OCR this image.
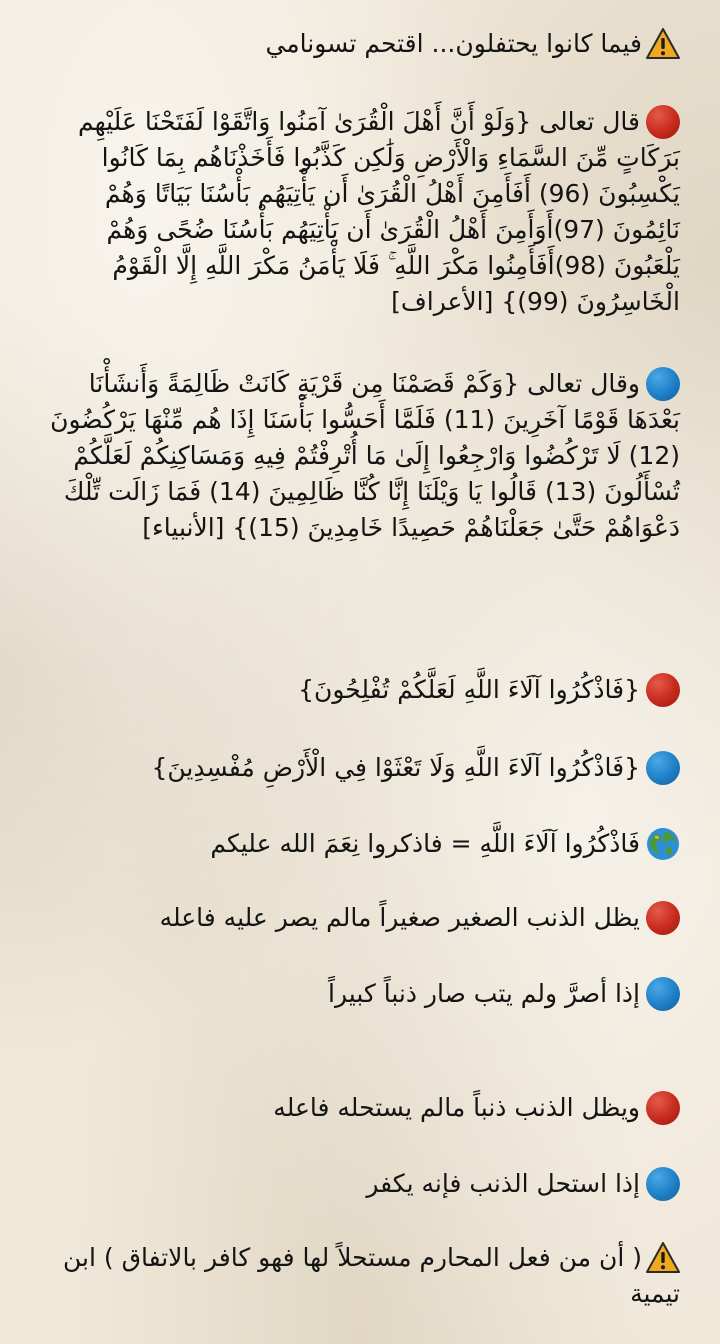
فيما كانوا يحتفلون... اقتحم تسونامي

قال تعالى {وَلَوْ أَنَّ أَهْلَ الْقُرَىٰ آمَنُوا وَاتَّقَوْا لَفَتَحْنَا عَلَيْهِم بَرَكَاتٍ مِّنَ السَّمَاءِ وَالْأَرْضِ وَلَٰكِن كَذَّبُوا فَأَخَذْنَاهُم بِمَا كَانُوا يَكْسِبُونَ (96) أَفَأَمِنَ أَهْلُ الْقُرَىٰ أَن يَأْتِيَهُم بَأْسُنَا بَيَاتًا وَهُمْ نَائِمُونَ (97)أَوَأَمِنَ أَهْلُ الْقُرَىٰ أَن يَأْتِيَهُم بَأْسُنَا ضُحًى وَهُمْ يَلْعَبُونَ (98)أَفَأَمِنُوا مَكْرَ اللَّهِ ۚ فَلَا يَأْمَنُ مَكْرَ اللَّهِ إِلَّا الْقَوْمُ الْخَاسِرُونَ (99)} [الأعراف]

وقال تعالى {وَكَمْ قَصَمْنَا مِن قَرْيَةٍ كَانَتْ ظَالِمَةً وَأَنشَأْنَا بَعْدَهَا قَوْمًا آخَرِينَ (11) فَلَمَّا أَحَسُّوا بَأْسَنَا إِذَا هُم مِّنْهَا يَرْكُضُونَ (12) لَا تَرْكُضُوا وَارْجِعُوا إِلَىٰ مَا أُتْرِفْتُمْ فِيهِ وَمَسَاكِنِكُمْ لَعَلَّكُمْ تُسْأَلُونَ (13) قَالُوا يَا وَيْلَنَا إِنَّا كُنَّا ظَالِمِينَ (14) فَمَا زَالَت تِّلْكَ دَعْوَاهُمْ حَتَّىٰ جَعَلْنَاهُمْ حَصِيدًا خَامِدِينَ (15)} [الأنبياء]

{فَاذْكُرُوا آلَاءَ اللَّهِ لَعَلَّكُمْ تُفْلِحُونَ}

{فَاذْكُرُوا آلَاءَ اللَّهِ وَلَا تَعْثَوْا فِي الْأَرْضِ مُفْسِدِينَ}

فَاذْكُرُوا آلَاءَ اللَّهِ = فاذكروا نِعَمَ الله عليكم

يظل الذنب الصغير صغيراً مالم يصر عليه فاعله

إذا أصرَّ ولم يتب صار ذنباً كبيراً

ويظل الذنب ذنباً مالم يستحله فاعله

إذا استحل الذنب فإنه يكفر

( أن من فعل المحارم مستحلاً لها فهو كافر بالاتفاق ) ابن تيمية
